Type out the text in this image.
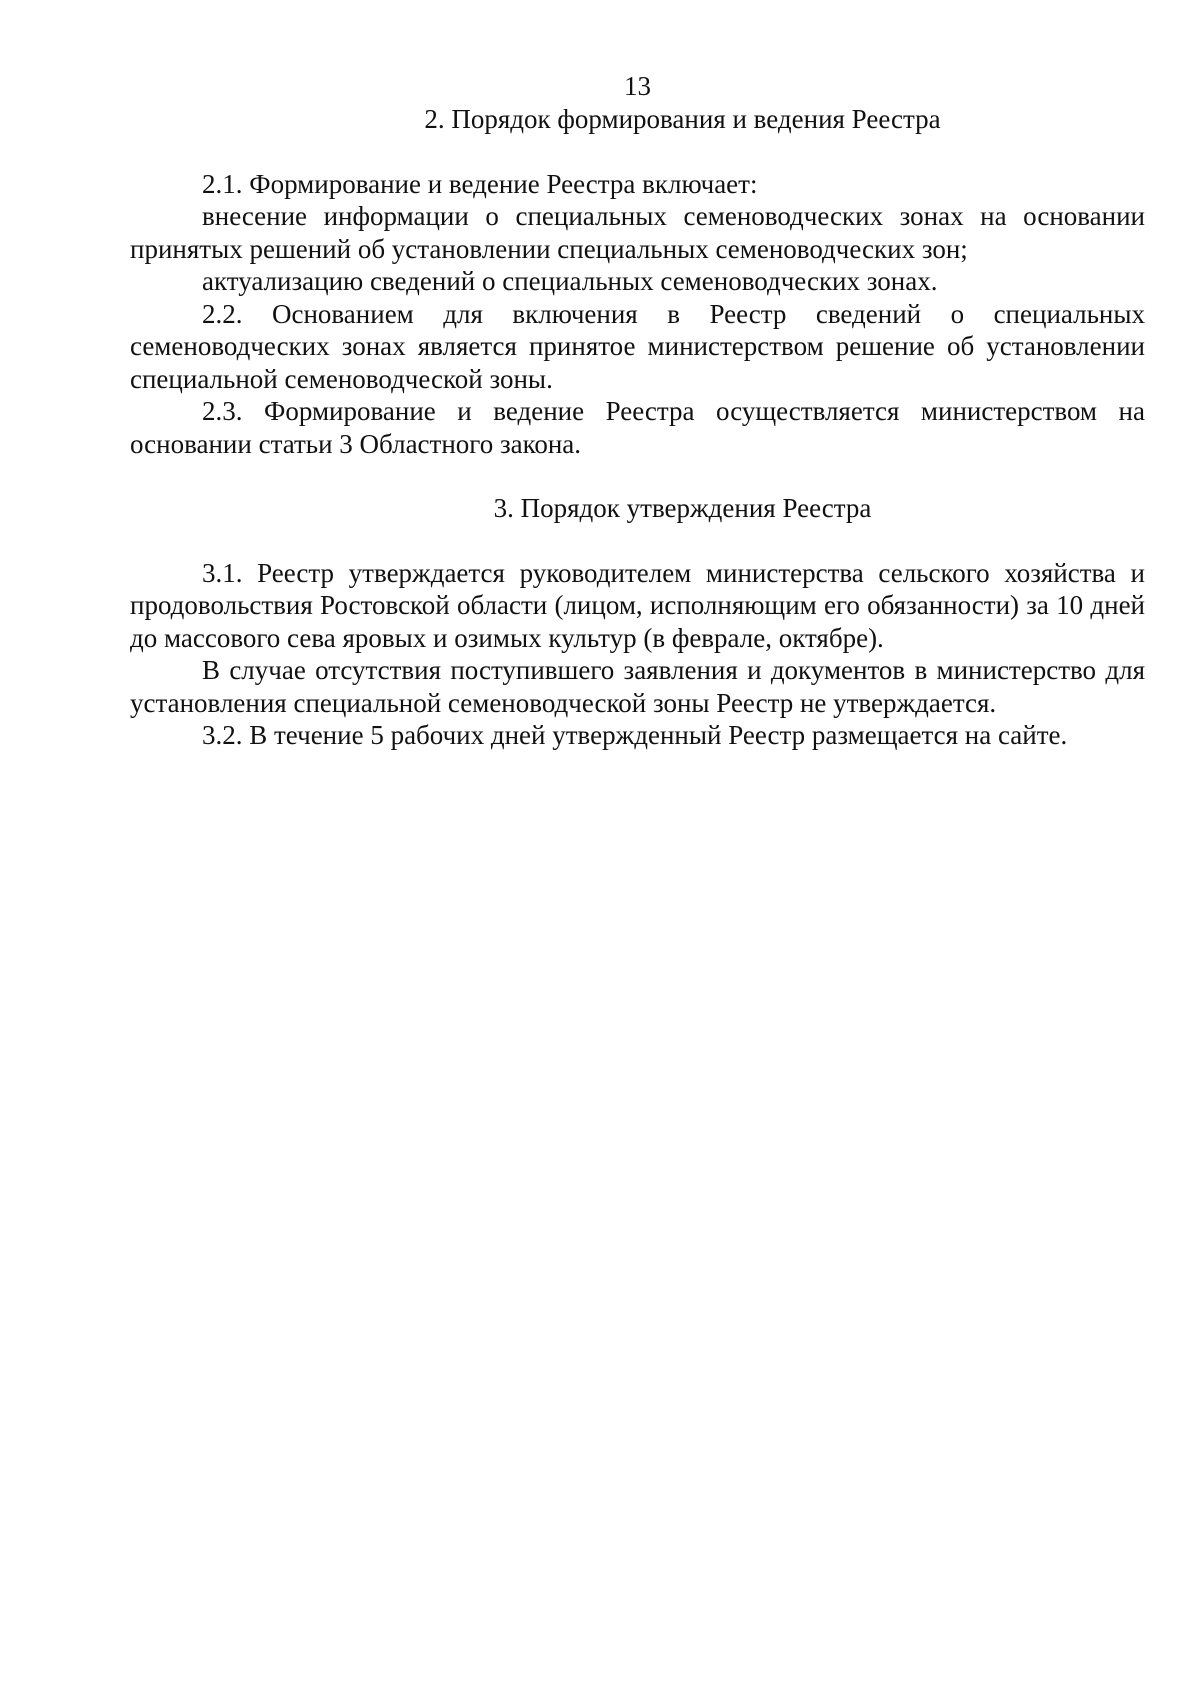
13
2. Порядок формирования и ведения Реестра

2.1. Формирование и ведение Реестра включает:

внесение информации о специальных семеноводческих зонах на основании принятых решений об установлении специальных семеноводческих зон;

актуализацию сведений о специальных семеноводческих зонах.

2.2. Основанием для включения в Реестр сведений о специальных семеноводческих зонах является принятое министерством решение об установлении специальной семеноводческой зоны.

2.3. Формирование и ведение Реестра осуществляется министерством на основании статьи 3 Областного закона.

3. Порядок утверждения Реестра

3.1. Реестр утверждается руководителем министерства сельского хозяйства и продовольствия Ростовской области (лицом, исполняющим его обязанности) за 10 дней до массового сева яровых и озимых культур (в феврале, октябре).

В случае отсутствия поступившего заявления и документов в министерство для установления специальной семеноводческой зоны Реестр не утверждается.

3.2. В течение 5 рабочих дней утвержденный Реестр размещается на сайте.
